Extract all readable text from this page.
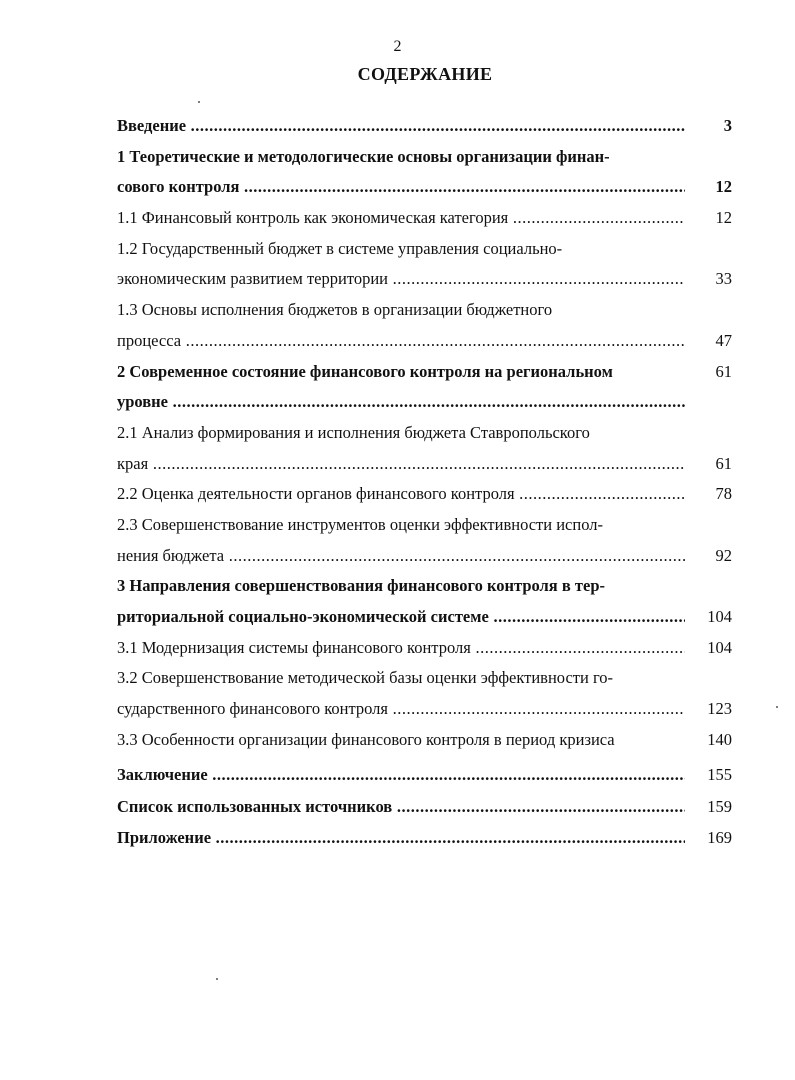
2
СОДЕРЖАНИЕ
Введение .....	3
1 Теоретические и методологические основы организации финан-
сового контроля .....	12
1.1 Финансовый контроль как экономическая категория .....	12
1.2 Государственный бюджет в системе управления социально-
экономическим развитием территории .....	33
1.3 Основы исполнения бюджетов в организации бюджетного
процесса .....	47
2 Современное состояние финансового контроля на региональном	61
уровне .....
2.1 Анализ формирования и исполнения бюджета Ставропольского
края .....	61
2.2 Оценка деятельности органов финансового контроля .....	78
2.3 Совершенствование инструментов оценки эффективности испол-
нения бюджета .....	92
3 Направления совершенствования финансового контроля в тер-
риториальной социально-экономической системе .....	104
3.1 Модернизация системы финансового контроля .....	104
3.2 Совершенствование методической базы оценки эффективности го-
сударственного финансового контроля .....	123
3.3 Особенности организации финансового контроля в период кризиса	140
Заключение .....	155
Список использованных источников .....	159
Приложение .....	169
